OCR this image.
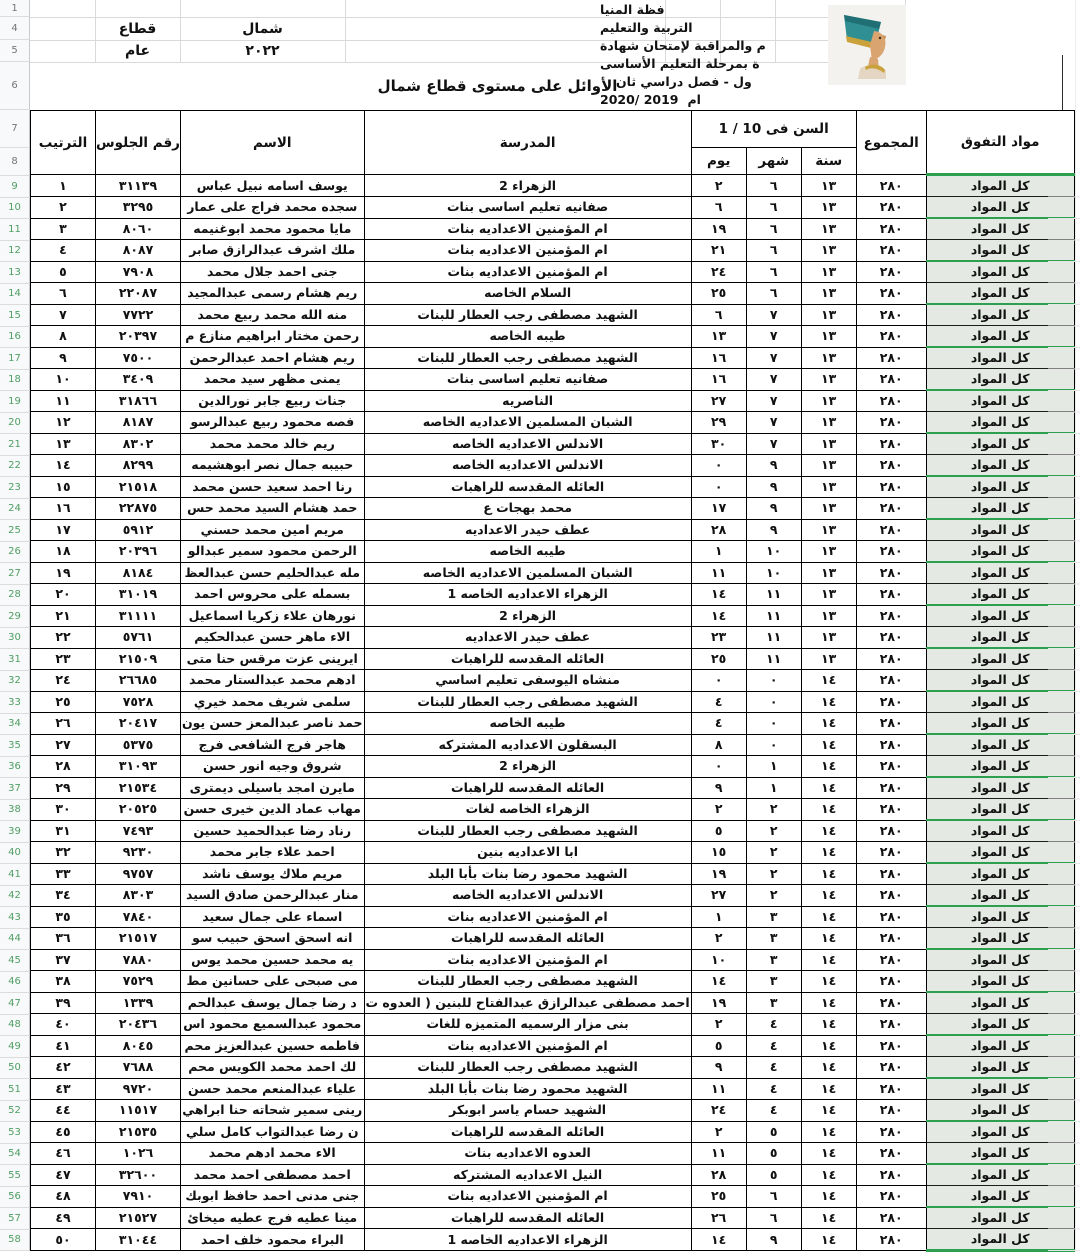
1
4
5
6
7
8
9
10
11
12
13
14
15
16
17
18
19
20
21
22
23
24
25
26
27
28
29
30
31
32
33
34
35
36
37
38
39
40
41
42
43
44
45
46
47
48
49
50
51
52
53
54
55
56
57
58
قطاع	شمال
عام	٢٠٢٢
الأوائل على مستوى قطاع شمال
فظة المنيا
التربية والتعليم
م والمراقبة لإمتحان شهادة
ة بمرحلة التعليم الأساسى
ول - فصل دراسي ثان
2020/ 2019 ام
الترتيب	رقم الجلوس	الاسم	المدرسة	السن فى 10 / 1			المجموع	مواد التفوق
				يوم	شهر	سنة		
١	٣١١٣٩	يوسف اسامه نبيل عباس	الزهراء 2	٢	٦	١٣	٢٨٠	كل المواد
٢	٣٢٩٥	سجده محمد فراج على عمار	صفانيه تعليم اساسى بنات	٦	٦	١٣	٢٨٠	كل المواد
٣	٨٠٦٠	مايا محمود محمد ابوغنيمه	ام المؤمنين الاعداديه بنات	١٩	٦	١٣	٢٨٠	كل المواد
٤	٨٠٨٧	ملك اشرف عبدالرازق صابر	ام المؤمنين الاعداديه بنات	٢١	٦	١٣	٢٨٠	كل المواد
٥	٧٩٠٨	جنى احمد جلال محمد	ام المؤمنين الاعداديه بنات	٢٤	٦	١٣	٢٨٠	كل المواد
٦	٢٢٠٨٧	ريم هشام رسمى عبدالمجيد	السلام الخاصه	٢٥	٦	١٣	٢٨٠	كل المواد
٧	٧٧٢٢	منه الله محمد ربيع محمد	الشهيد مصطفى رجب العطار للبنات	٦	٧	١٣	٢٨٠	كل المواد
٨	٢٠٣٩٧	رحمن مختار ابراهيم منازع م	طيبه الخاصه	١٣	٧	١٣	٢٨٠	كل المواد
٩	٧٥٠٠	ريم هشام احمد عبدالرحمن	الشهيد مصطفى رجب العطار للبنات	١٦	٧	١٣	٢٨٠	كل المواد
١٠	٣٤٠٩	يمنى مظهر سيد محمد	صفانيه تعليم اساسى بنات	١٦	٧	١٣	٢٨٠	كل المواد
١١	٣١٨٦٦	جنات ربيع جابر نورالدين	الناصريه	٢٧	٧	١٣	٢٨٠	كل المواد
١٢	٨١٨٧	فصه محمود ربيع عبدالرسو	الشبان المسلمين الاعداديه الخاصه	٢٩	٧	١٣	٢٨٠	كل المواد
١٣	٨٣٠٢	ريم خالد محمد محمد	الاندلس الاعداديه الخاصه	٣٠	٧	١٣	٢٨٠	كل المواد
١٤	٨٢٩٩	حبيبه جمال نصر ابوهشيمه	الاندلس الاعداديه الخاصه	٠	٩	١٣	٢٨٠	كل المواد
١٥	٢١٥١٨	رنا احمد سعيد حسن محمد	العائله المقدسه للراهبات	٠	٩	١٣	٢٨٠	كل المواد
١٦	٢٢٨٧٥	حمد هشام السيد محمد حس	محمد بهجات ع	١٧	٩	١٣	٢٨٠	كل المواد
١٧	٥٩١٢	مريم امين محمد حسني	عطف حيدر الاعداديه	٢٨	٩	١٣	٢٨٠	كل المواد
١٨	٢٠٣٩٦	الرحمن محمود سمير عبدالو	طيبه الخاصه	١	١٠	١٣	٢٨٠	كل المواد
١٩	٨١٨٤	مله عبدالحليم حسن عبدالعظ	الشبان المسلمين الاعداديه الخاصه	١١	١٠	١٣	٢٨٠	كل المواد
٢٠	٣١٠١٩	بسمله على محروس احمد	الزهراء الاعداديه الخاصه 1	١٤	١١	١٣	٢٨٠	كل المواد
٢١	٣١١١١	نورهان علاء زكريا اسماعيل	الزهراء 2	١٤	١١	١٣	٢٨٠	كل المواد
٢٢	٥٧٦١	الاء ماهر حسن عبدالحكيم	عطف حيدر الاعداديه	٢٣	١١	١٣	٢٨٠	كل المواد
٢٣	٢١٥٠٩	ايرينى عزت مرقس حنا متى	العائله المقدسه للراهبات	٢٥	١١	١٣	٢٨٠	كل المواد
٢٤	٢٦٦٨٥	ادهم محمد عبدالستار محمد	منشاه اليوسفى تعليم اساسي	٠	٠	١٤	٢٨٠	كل المواد
٢٥	٧٥٢٨	سلمى شريف محمد خيري	الشهيد مصطفى رجب العطار للبنات	٤	٠	١٤	٢٨٠	كل المواد
٢٦	٢٠٤١٧	حمد ناصر عبدالمعز حسن يون	طيبه الخاصه	٤	٠	١٤	٢٨٠	كل المواد
٢٧	٥٣٧٥	هاجر فرج الشافعى فرج	البسقلون الاعداديه المشتركه	٨	٠	١٤	٢٨٠	كل المواد
٢٨	٣١٠٩٣	شروق وجيه انور حسن	الزهراء 2	٠	١	١٤	٢٨٠	كل المواد
٢٩	٢١٥٣٤	مايرن امجد باسيلى ديمترى	العائله المقدسه للراهبات	٩	١	١٤	٢٨٠	كل المواد
٣٠	٢٠٥٢٥	مهاب عماد الدين خيرى حسن	الزهراء الخاصه لغات	٢	٢	١٤	٢٨٠	كل المواد
٣١	٧٤٩٣	رناد رضا عبدالحميد حسين	الشهيد مصطفى رجب العطار للبنات	٥	٢	١٤	٢٨٠	كل المواد
٣٢	٩٢٣٠	احمد علاء جابر محمد	ابا الاعداديه بنين	١٥	٢	١٤	٢٨٠	كل المواد
٣٣	٩٧٥٧	مريم ملاك يوسف ناشد	الشهيد محمود رضا بنات بأبا البلد	١٩	٢	١٤	٢٨٠	كل المواد
٣٤	٨٣٠٣	منار عبدالرحمن صادق السيد	الاندلس الاعداديه الخاصه	٢٧	٢	١٤	٢٨٠	كل المواد
٣٥	٧٨٤٠	اسماء على جمال سعيد	ام المؤمنين الاعداديه بنات	١	٣	١٤	٢٨٠	كل المواد
٣٦	٢١٥١٧	انه اسحق اسحق حبيب سو	العائله المقدسه للراهبات	٢	٣	١٤	٢٨٠	كل المواد
٣٧	٧٨٨٠	يه محمد حسين محمد يوس	ام المؤمنين الاعداديه بنات	١٠	٣	١٤	٢٨٠	كل المواد
٣٨	٧٥٢٩	مى صبحى على حسانين مط	الشهيد مصطفى رجب العطار للبنات	١٤	٣	١٤	٢٨٠	كل المواد
٣٩	١٣٣٩	د رضا جمال يوسف عبدالحم	احمد مصطفى عبدالرازق عبدالفتاح للبنين ( العدوه ت	١٩	٣	١٤	٢٨٠	كل المواد
٤٠	٢٠٤٣٦	محمود عبدالسميع محمود اس	بنى مزار الرسميه المتميزه للغات	٢	٤	١٤	٢٨٠	كل المواد
٤١	٨٠٤٥	فاطمه حسين عبدالعزيز محم	ام المؤمنين الاعداديه بنات	٥	٤	١٤	٢٨٠	كل المواد
٤٢	٧٦٨٨	لك احمد محمد الكويس محم	الشهيد مصطفى رجب العطار للبنات	٩	٤	١٤	٢٨٠	كل المواد
٤٣	٩٧٢٠	علياء عبدالمنعم محمد حسن	الشهيد محمود رضا بنات بأبا البلد	١١	٤	١٤	٢٨٠	كل المواد
٤٤	١١٥١٧	رينى سمير شحاته حنا ابراهي	الشهيد حسام ياسر ابوبكر	٢٤	٤	١٤	٢٨٠	كل المواد
٤٥	٢١٥٣٥	ن رضا عبدالتواب كامل سلي	العائله المقدسه للراهبات	٢	٥	١٤	٢٨٠	كل المواد
٤٦	١٠٢٦	الاء محمد ادهم محمد	العدوه الاعداديه بنات	١١	٥	١٤	٢٨٠	كل المواد
٤٧	٣٢٦٠٠	احمد مصطفى احمد محمد	النيل الاعداديه المشتركه	٢٨	٥	١٤	٢٨٠	كل المواد
٤٨	٧٩١٠	جنى مدنى احمد حافظ ابوبك	ام المؤمنين الاعداديه بنات	٢٥	٦	١٤	٢٨٠	كل المواد
٤٩	٢١٥٢٧	مينا عطيه فرج عطيه ميخائ	العائله المقدسه للراهبات	٢٦	٦	١٤	٢٨٠	كل المواد
٥٠	٣١٠٤٤	البراء محمود خلف احمد	الزهراء الاعداديه الخاصه 1	١٤	٩	١٤	٢٨٠	كل المواد
